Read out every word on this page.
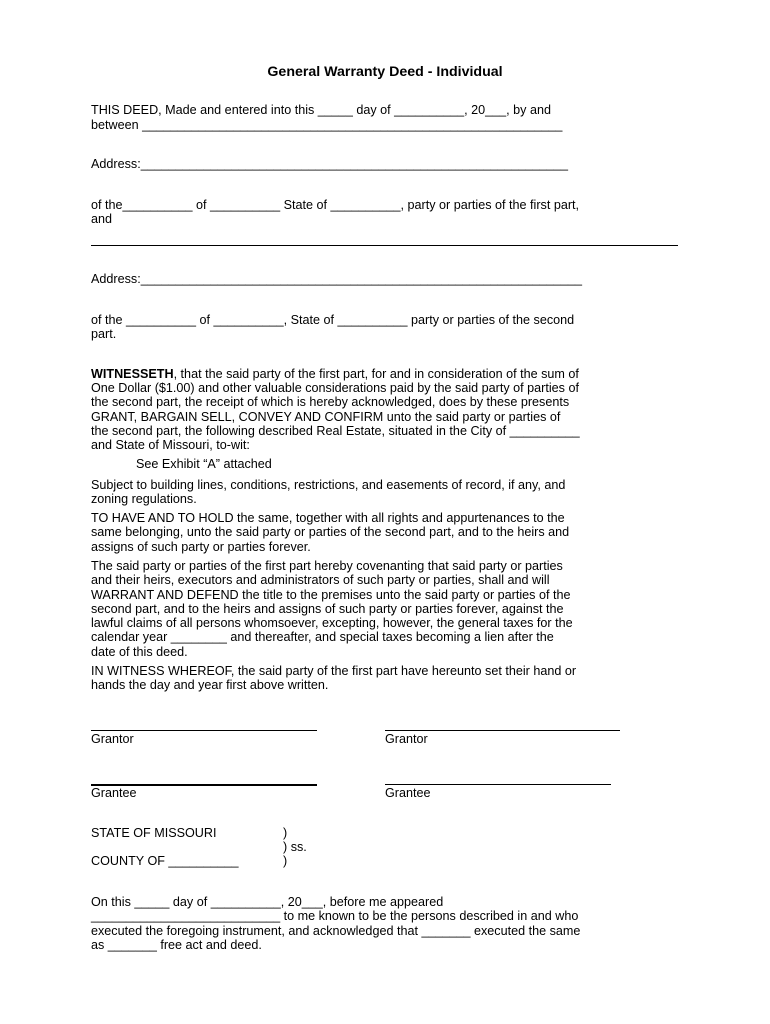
General Warranty Deed - Individual
THIS DEED, Made and entered into this _____ day of __________, 20___, by and
between ____________________________________________________________
Address:_____________________________________________________________
of the__________ of __________ State of __________, party or parties of the first part,
and
Address:_______________________________________________________________
of the __________ of __________, State of __________ party or parties of the second
part.
WITNESSETH, that the said party of the first part, for and in consideration of the sum of
One Dollar ($1.00) and other valuable considerations paid by the said party of parties of
the second part, the receipt of which is hereby acknowledged, does by these presents
GRANT, BARGAIN SELL, CONVEY AND CONFIRM unto the said party or parties of
the second part, the following described Real Estate, situated in the City of __________
and State of Missouri, to-wit:
See Exhibit “A” attached
Subject to building lines, conditions, restrictions, and easements of record, if any, and
zoning regulations.
TO HAVE AND TO HOLD the same, together with all rights and appurtenances to the
same belonging, unto the said party or parties of the second part, and to the heirs and
assigns of such party or parties forever.
The said party or parties of the first part hereby covenanting that said party or parties
and their heirs, executors and administrators of such party or parties, shall and will
WARRANT AND DEFEND the title to the premises unto the said party or parties of the
second part, and to the heirs and assigns of such party or parties forever, against the
lawful claims of all persons whomsoever, excepting, however, the general taxes for the
calendar year ________ and thereafter, and special taxes becoming a lien after the
date of this deed.
IN WITNESS WHEREOF, the said party of the first part have hereunto set their hand or
hands the day and year first above written.
Grantor	Grantor
Grantee	Grantee
STATE OF MISSOURI	)
) ss.
COUNTY OF __________	)
On this _____ day of __________, 20___, before me appeared
___________________________ to me known to be the persons described in and who
executed the foregoing instrument, and acknowledged that _______ executed the same
as _______ free act and deed.
